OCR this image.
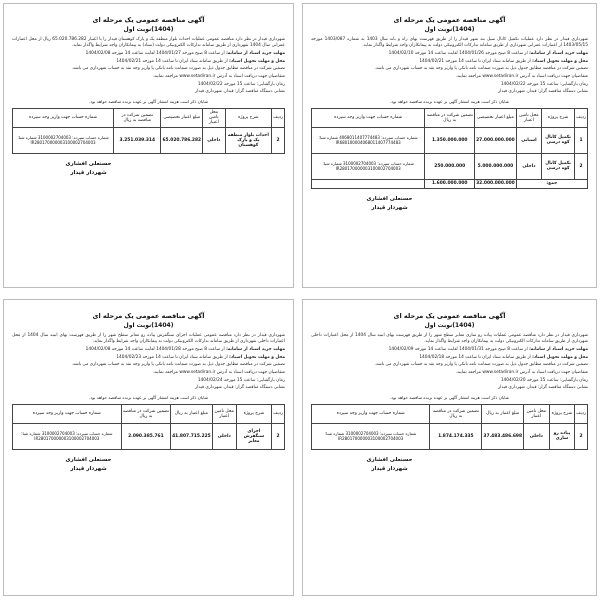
آگهی مناقصه عمومی یک مرحله ای
(1404)نوبت اول

شهرداری قیدار در نظر دارد مناقصه عمومی عملیات احداث بلوار منطقه یک و پارک کوهستان قیدار را با اعتبار 65.020.786.282 ریال از محل اعتبارات عمرانی سال 1404 شهرداری از طریق سامانه تدارکات الکترونیکی دولت (ستاد) به پیمانکاران واجد شرایط واگذار نماید.

مهلت خرید اسناد از سامانه: از ساعت 8 صبح مورخه 1404/01/27 لغایت ساعت 14 مورخه 1404/02/08

محل و مهلت تحویل اسناد: از طریق سامانه ستاد ایران تا ساعت 14 مورخه 1404/02/21

تضمین شرکت در مناقصه مطابق جدول ذیل به صورت ضمانت نامه بانکی یا واریز وجه نقد به حساب شهرداری می باشد.

متقاضیان جهت دریافت اسناد به آدرس www.setadiran.ir مراجعه نمایند.

زمان بازگشایی: ساعت 15 مورخه 1404/02/22

نشانی دستگاه مناقصه گزار: قیدار، شهرداری قیدار

شایان ذکر است هزینه انتشار آگهی بر عهده برنده مناقصه خواهد بود.
ردیف	شرح پروژه	محل تامین اعتبار	مبلغ اعتبار تخصیصی	تضمین شرکت در مناقصه به ریال	شماره حساب جهت واریز وجه سپرده
2	احداث بلوار منطقه یک و پارک کوهستان	داخلی	65.020.786.282	3.251.039.314	شماره حساب سپرده: 3100002704003 شماره شبا: IR280170000003100002704003
حسنعلی افشاری
شهردار قیدار
آگهی مناقصه عمومی یک مرحله ای
(1404)نوبت اول

شهرداری قیدار در نظر دارد عملیات تکمیل کانال سیل بند شهر قیدار را از طریق فهرست بهای راه و باند سال 1403 به شماره 1403/087 مورخه 1403/05/15 از اعتبارات عمرانی شهرداری از طریق سامانه تدارکات الکترونیکی دولت به پیمانکاران واجد شرایط واگذار نماید.

مهلت خرید اسناد از سامانه: از ساعت 8 صبح مورخه 1404/01/26 لغایت ساعت 14 مورخه 1404/02/10

محل و مهلت تحویل اسناد: از طریق سامانه ستاد ایران تا ساعت 14 مورخه 1404/02/21

تضمین شرکت در مناقصه مطابق جدول ذیل به صورت ضمانت نامه بانکی یا واریز وجه نقد به حساب شهرداری می باشد.

متقاضیان جهت دریافت اسناد به آدرس www.setadiran.ir مراجعه نمایند.

زمان بازگشایی: ساعت 15 مورخه 1404/02/22

نشانی دستگاه مناقصه گزار: قیدار، شهرداری قیدار

شایان ذکر است هزینه انتشار آگهی بر عهده برنده مناقصه خواهد بود.
ردیف	شرح پروژه	محل تامین اعتبار	مبلغ اعتبار تخصیصی	تضمین شرکت در مناقصه به ریال	شماره حساب جهت واریز وجه سپرده
1	تکمیل کانال کوه درسی	استانی	27.000.000.000	1.350.000.000	شماره حساب سپرده: 4068011407774483 شماره شبا: IR680100004068011407774483
2	تکمیل کانال کوه درسی	داخلی	5.000.000.000	250.000.000	شماره حساب سپرده: 3100002704003 شماره شبا: IR280170000003100002704003
جمع:			32.000.000.000	1.600.000.000	
حسنعلی افشاری
شهردار قیدار
آگهی مناقصه عمومی یک مرحله ای
(1404)نوبت اول

شهرداری قیدار در نظر دارد مناقصه عمومی عملیات اجرای سنگفرش پیاده رو معابر سطح شهر را از طریق فهرست بهای ابنیه سال 1404 از محل اعتبارات داخلی شهرداری از طریق سامانه تدارکات الکترونیکی دولت به پیمانکاران واجد شرایط واگذار نماید.

مهلت خرید اسناد از سامانه: از ساعت 8 صبح مورخه 1404/01/28 لغایت ساعت 14 مورخه 1404/02/08

محل و مهلت تحویل اسناد: از طریق سامانه ستاد ایران تا ساعت 14 مورخه 1404/02/23

تضمین شرکت در مناقصه مطابق جدول ذیل به صورت ضمانت نامه بانکی یا واریز وجه نقد به حساب شهرداری می باشد.

متقاضیان جهت دریافت اسناد به آدرس www.setadiran.ir مراجعه نمایند.

زمان بازگشایی: ساعت 15 مورخه 1404/02/24

نشانی دستگاه مناقصه گزار: قیدار، شهرداری قیدار

شایان ذکر است هزینه انتشار آگهی بر عهده برنده مناقصه خواهد بود.
ردیف	شرح پروژه	محل تامین اعتبار	مبلغ اعتبار به ریال	تضمین شرکت در مناقصه به ریال	شماره حساب جهت واریز وجه سپرده
2	اجرای سنگفرش معابر	داخلی	41.807.715.225	2.090.385.761	شماره حساب سپرده: 3100002704003 شماره شبا: IR280170000003100002704003
حسنعلی افشاری
شهردار قیدار
آگهی مناقصه عمومی یک مرحله ای
(1404)نوبت اول

شهرداری قیدار در نظر دارد مناقصه عمومی عملیات پیاده رو سازی معابر سطح شهر را از طریق فهرست بهای ابنیه سال 1404 از محل اعتبارات داخلی شهرداری از طریق سامانه تدارکات الکترونیکی دولت به پیمانکاران واجد شرایط واگذار نماید.

مهلت خرید اسناد از سامانه: از ساعت 8 صبح مورخه 1404/01/31 لغایت ساعت 14 مورخه 1404/02/09

محل و مهلت تحویل اسناد: از طریق سامانه ستاد ایران تا ساعت 14 مورخه 1404/02/18

تضمین شرکت در مناقصه مطابق جدول ذیل به صورت ضمانت نامه بانکی یا واریز وجه نقد به حساب شهرداری می باشد.

متقاضیان جهت دریافت اسناد به آدرس www.setadiran.ir مراجعه نمایند.

زمان بازگشایی: ساعت 15 مورخه 1404/02/20

نشانی دستگاه مناقصه گزار: قیدار، شهرداری قیدار

شایان ذکر است هزینه انتشار آگهی بر عهده برنده مناقصه خواهد بود.
ردیف	شرح پروژه	محل تامین اعتبار	مبلغ اعتبار به ریال	تضمین شرکت در مناقصه به ریال	شماره حساب جهت واریز وجه سپرده
2	پیاده رو سازی	داخلی	37.483.486.698	1.874.174.335	شماره حساب سپرده: 3100002704003 شماره شبا: IR280170000003100002704003
حسنعلی افشاری
شهردار قیدار
